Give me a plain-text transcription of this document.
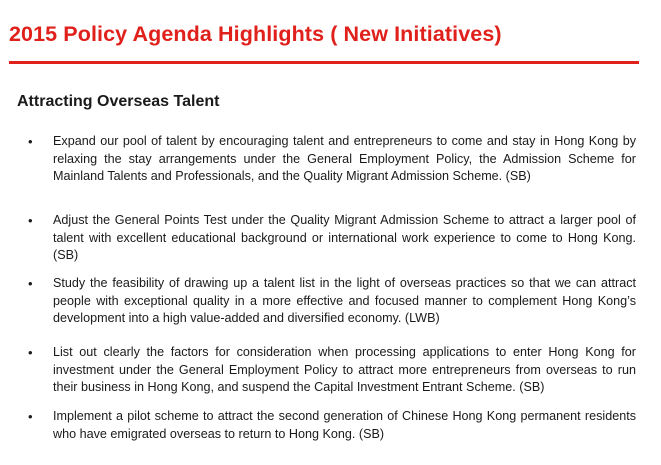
2015 Policy Agenda Highlights ( New Initiatives)
Attracting Overseas Talent
• Expand our pool of talent by encouraging talent and entrepreneurs to come and stay in Hong Kong by relaxing the stay arrangements under the General Employment Policy, the Admission Scheme for Mainland Talents and Professionals, and the Quality Migrant Admission Scheme. (SB)
• Adjust the General Points Test under the Quality Migrant Admission Scheme to attract a larger pool of talent with excellent educational background or international work experience to come to Hong Kong. (SB)
• Study the feasibility of drawing up a talent list in the light of overseas practices so that we can attract people with exceptional quality in a more effective and focused manner to complement Hong Kong’s development into a high value-added and diversified economy. (LWB)
• List out clearly the factors for consideration when processing applications to enter Hong Kong for investment under the General Employment Policy to attract more entrepreneurs from overseas to run their business in Hong Kong, and suspend the Capital Investment Entrant Scheme. (SB)
• Implement a pilot scheme to attract the second generation of Chinese Hong Kong permanent residents who have emigrated overseas to return to Hong Kong. (SB)
